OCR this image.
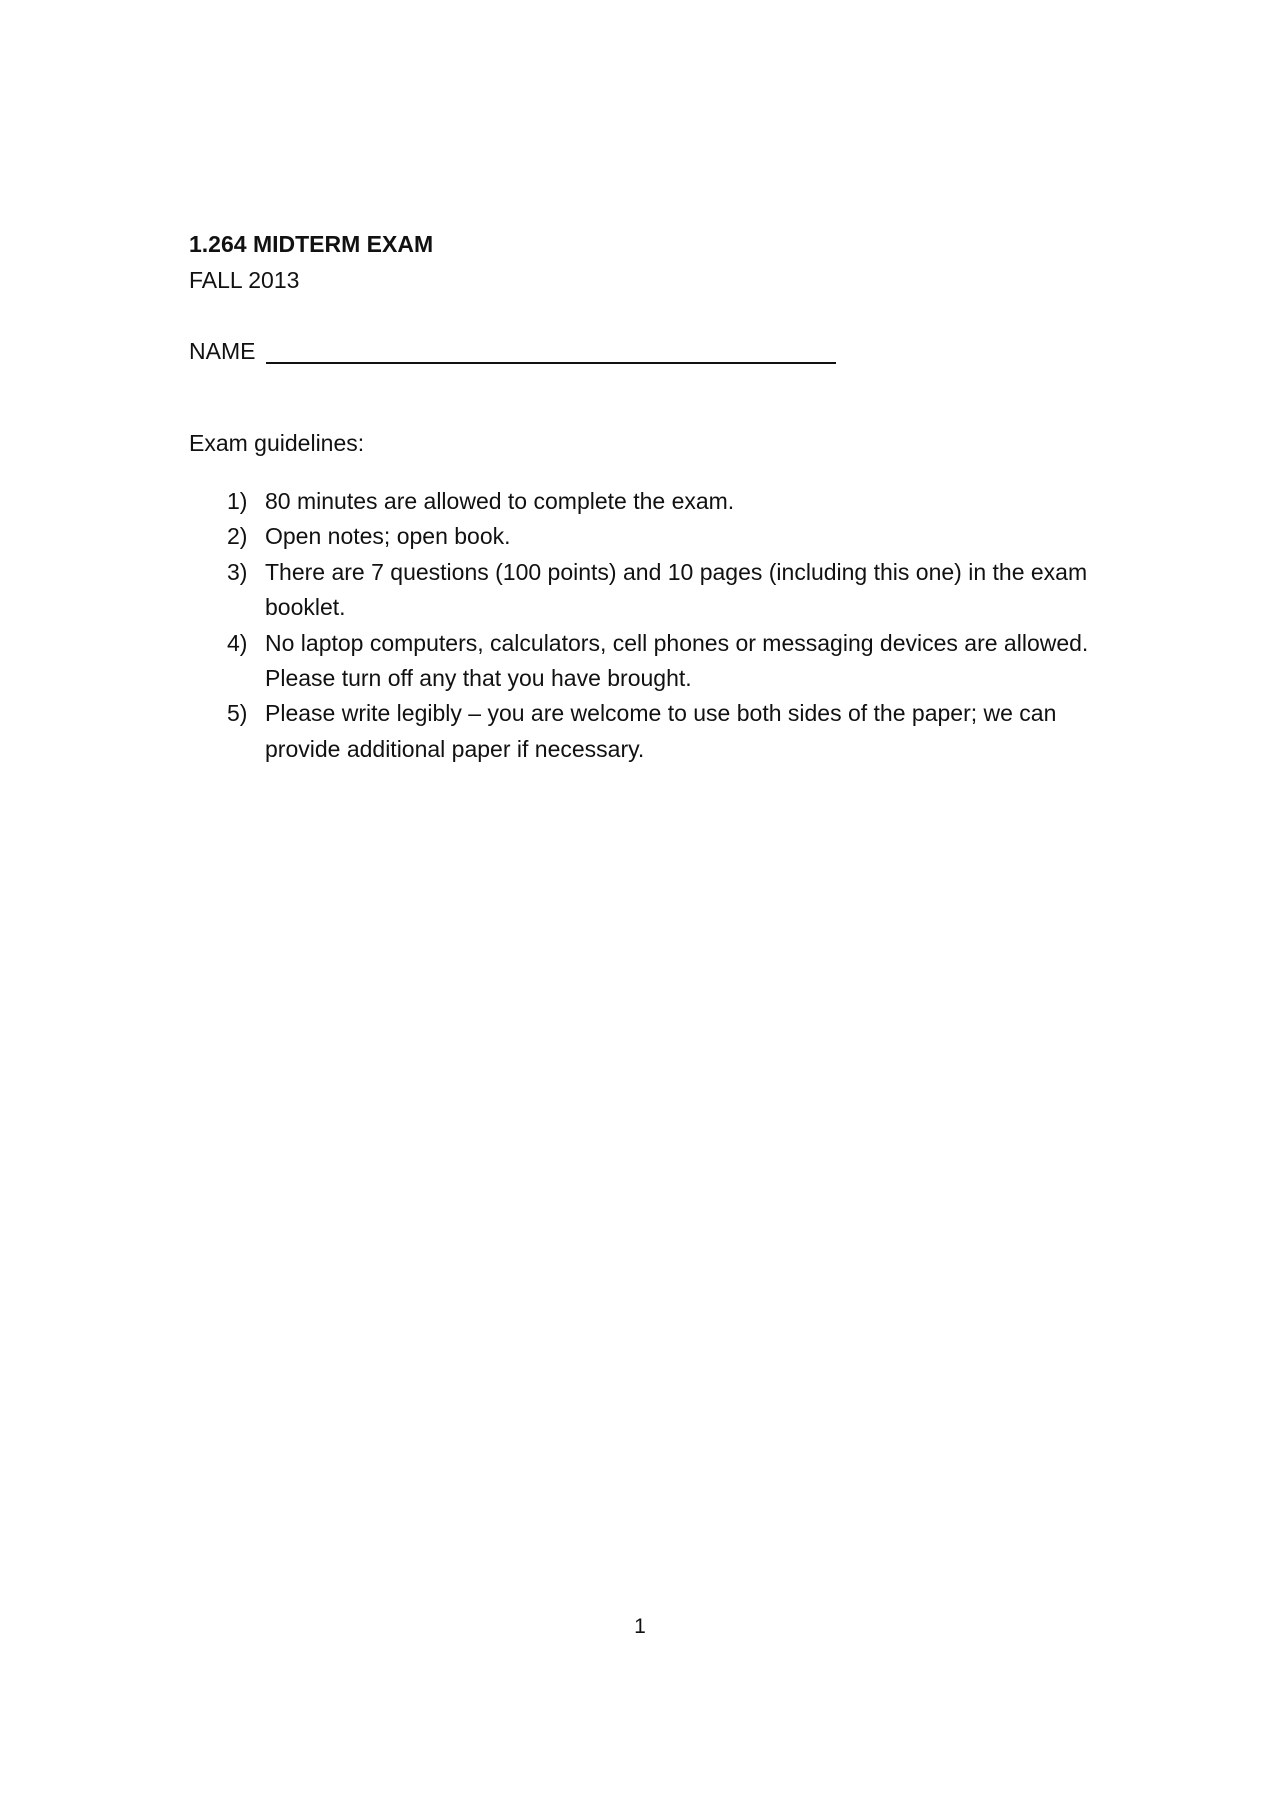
1.264 MIDTERM EXAM

FALL 2013

NAME

Exam guidelines:

1) 80 minutes are allowed to complete the exam.
2) Open notes; open book.
3) There are 7 questions (100 points) and 10 pages (including this one) in the exam booklet.
4) No laptop computers, calculators, cell phones or messaging devices are allowed. Please turn off any that you have brought.
5) Please write legibly – you are welcome to use both sides of the paper; we can provide additional paper if necessary.
1
